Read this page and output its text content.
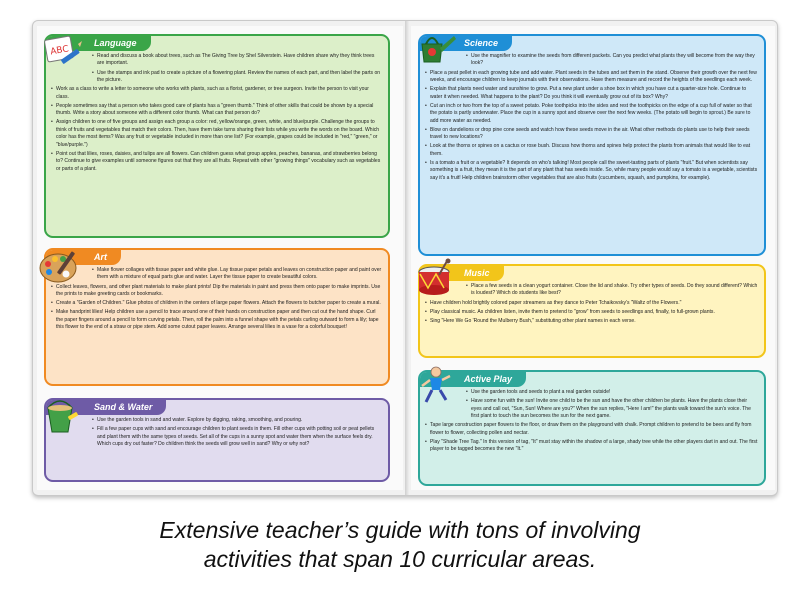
Language
• Read and discuss a book about trees, such as The Giving Tree by Shel Silverstein. Have children share why they think trees are important.
• Use the stamps and ink pad to create a picture of a flowering plant. Review the names of each part, and then label the parts on the picture.
• Work as a class to write a letter to someone who works with plants, such as a florist, gardener, or tree surgeon. Invite the person to visit your class.
• People sometimes say that a person who takes good care of plants has a "green thumb." Think of other skills that could be shown by a special thumb. Write a story about someone with a different color thumb. What can that person do?
• Assign children to one of five groups and assign each group a color: red, yellow/orange, green, white, and blue/purple. Challenge the groups to think of fruits and vegetables that match their colors. Then, have them take turns sharing their lists while you write the words on the board. Which color has the most items? Was any fruit or vegetable included in more than one list? (For example, grapes could be included in "red," "green," or "blue/purple.")
• Point out that lilies, roses, daisies, and tulips are all flowers. Can children guess what group apples, peaches, bananas, and strawberries belong to? Continue to give examples until someone figures out that they are all fruits. Repeat with other "growing things" vocabulary such as vegetables or parts of a plant.
Art
• Make flower collages with tissue paper and white glue. Lay tissue paper petals and leaves on construction paper and paint over them with a mixture of equal parts glue and water. Layer the tissue paper to create beautiful colors.
• Collect leaves, flowers, and other plant materials to make plant prints! Dip the materials in paint and press them onto paper to make imprints. Use the prints to make greeting cards or bookmarks.
• Create a "Garden of Children." Glue photos of children in the centers of large paper flowers. Attach the flowers to butcher paper to create a mural.
• Make handprint lilies! Help children use a pencil to trace around one of their hands on construction paper and then cut out the hand shape. Curl the paper fingers around a pencil to form curving petals. Then, roll the palm into a funnel shape with the petals curling outward to form a lily; tape this flower to the end of a straw or pipe stem. Add some cutout paper leaves. Arrange several lilies in a vase for a colorful bouquet!
Sand & Water
• Use the garden tools in sand and water. Explore by digging, raking, smoothing, and pouring.
• Fill a few paper cups with sand and encourage children to plant seeds in them. Fill other cups with potting soil or peat pellets and plant them with the same types of seeds. Set all of the cups in a sunny spot and water them when the surface feels dry. Which cups dry out faster? Do children think the seeds will grow well in sand? Why or why not?
Science
• Use the magnifier to examine the seeds from different packets. Can you predict what plants they will become from the way they look?
• Place a peat pellet in each growing tube and add water. Plant seeds in the tubes and set them in the stand. Observe their growth over the next few weeks, and encourage children to keep journals with their observations. Have them measure and record the heights of the seedlings each week.
• Explain that plants need water and sunshine to grow. Put a new plant under a shoe box in which you have cut a quarter-size hole. Continue to water it when needed. What happens to the plant? Do you think it will eventually grow out of its box? Why?
• Cut an inch or two from the top of a sweet potato. Poke toothpicks into the sides and rest the toothpicks on the edge of a cup full of water so that the potato is partly underwater. Place the cup in a sunny spot and observe over the next few weeks. (The potato will begin to sprout.) Be sure to add more water as needed.
• Blow on dandelions or drop pine cone seeds and watch how these seeds move in the air. What other methods do plants use to help their seeds travel to new locations?
• Look at the thorns or spines on a cactus or rose bush. Discuss how thorns and spines help protect the plants from animals that would like to eat them.
• Is a tomato a fruit or a vegetable? It depends on who's talking! Most people call the sweet-tasting parts of plants "fruit." But when scientists say something is a fruit, they mean it is the part of any plant that has seeds inside. So, while many people would say a tomato is a vegetable, scientists say it's a fruit! Help children brainstorm other vegetables that are also fruits (cucumbers, squash, and pumpkins, for example).
Music
• Place a few seeds in a clean yogurt container. Close the lid and shake. Try other types of seeds. Do they sound different? Which is loudest? Which do students like best?
• Have children hold brightly colored paper streamers as they dance to Peter Tchaikovsky's "Waltz of the Flowers."
• Play classical music. As children listen, invite them to pretend to "grow" from seeds to seedlings and, finally, to full-grown plants.
• Sing "Here We Go 'Round the Mulberry Bush," substituting other plant names in each verse.
Active Play
• Use the garden tools and seeds to plant a real garden outside!
• Have some fun with the sun! Invite one child to be the sun and have the other children be plants. Have the plants close their eyes and call out, "Sun, Sun! Where are you?" When the sun replies, "Here I am!" the plants walk toward the sun's voice. The first plant to touch the sun becomes the sun for the next game.
• Tape large construction paper flowers to the floor, or draw them on the playground with chalk. Prompt children to pretend to be bees and fly from flower to flower, collecting pollen and nectar.
• Play "Shade Tree Tag." In this version of tag, "It" must stay within the shadow of a large, shady tree while the other players dart in and out. The first player to be tagged becomes the new "It."
ABC
Extensive teacher’s guide with tons of involving
activities that span 10 curricular areas.
